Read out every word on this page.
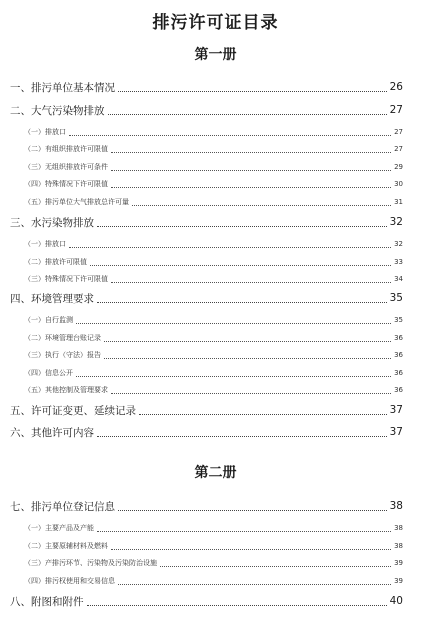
排污许可证目录
第一册
一、排污单位基本情况	26
二、大气污染物排放	27
（一）排放口	27
（二）有组织排放许可限值	27
（三）无组织排放许可条件	29
（四）特殊情况下许可限值	30
（五）排污单位大气排放总许可量	31
三、水污染物排放	32
（一）排放口	32
（二）排放许可限值	33
（三）特殊情况下许可限值	34
四、环境管理要求	35
（一）自行监测	35
（二）环境管理台账记录	36
（三）执行（守法）报告	36
（四）信息公开	36
（五）其他控制及管理要求	36
五、许可证变更、延续记录	37
六、其他许可内容	37
第二册
七、排污单位登记信息	38
（一）主要产品及产能	38
（二）主要原辅材料及燃料	38
（三）产排污环节、污染物及污染防治设施	39
（四）排污权使用和交易信息	39
八、附图和附件	40
